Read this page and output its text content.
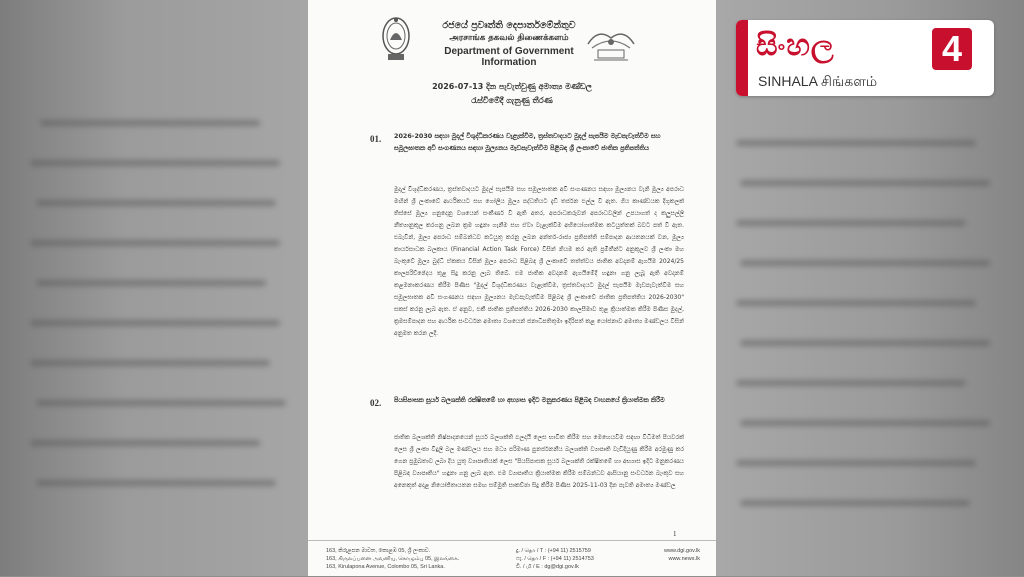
රජයේ ප්‍රවෘත්ති දෙපාර්තමේන්තුව
அரசாங்க தகவல் திணைக்களம்
Department of Government Information
2026-07-13 දින පැවැත්වුණු අමාත්‍ය මණ්ඩල
රැස්වීමේදී ගැනුණු තීරණ
01. 2026-2030 සඳහා මුදල් විශුද්ධිකරණය වැළැක්වීම, ත්‍රස්තවාදයට මුදල් සැපයීම මැඩපැවැත්වීම සහ සමූලඝාතක අවි සංගණනය සඳහා මූල්‍යනය මැඩපැවැත්වීම පිළිබඳ ශ්‍රී ලංකාවේ ජාතික ප්‍රතිපත්තිය
මුදල් විශුද්ධිකරණය, ත්‍රස්තවාදයට මුදල් සැපයීම සහ සමූලඝාතක අවි සංගණනය සඳහා මූල්‍යනය වැනි මූල්‍ය අපරාධ මඟින් ශ්‍රී ලංකාවේ ආර්ථිකයට සහ ගෝලීය මූල්‍ය පද්ධතියට දැඩි තර්ජන එල්ල වී ඇත. ගිය කාණ්ඩයක දිගුකලක් තිස්සේ මූල්‍ය ගනුදෙනු වශයෙන් සංකීර්ණ වී ඇති අතර, අපරාධකරුවන් අපරාධවලින් උපයාගත් ද කලුසල්ලි නීත්‍යානුකූල කරගනු ලබන ක්‍රම හඳුනා ගැනීම සහ ඒවා වැළැක්වීම අභියෝගාත්මක කටයුත්තක් බවට පත් වී ඇත. එබැවින්, මූල්‍ය අපරාධ සම්බන්ධව කටයුතු කරනු ලබන අන්තර්-රාජ්‍ය ප්‍රතිපත්ති සම්පාදන ආයතනයක් වන, මූල්‍ය කාර්යසාධක බලකාය (Financial Action Task Force) විසින් නියම කර ඇති ප්‍රමිතීන්ට අනුකූලව ශ්‍රී ලංකා මහ බැංකුවේ මූල්‍ය බුද්ධි ඒකකය විසින් මූල්‍ය අපරාධ පිළිබඳ ශ්‍රී ලංකාවේ තත්ත්වය ජාතික අවදානම් ඇගයීම 2024/25 කාලපරිච්ඡේදය තුළ සිදු කරනු ලැබ තිබේ. එම ජාතික අවදානම් ඇගයීමේදී හඳුනා ගනු ලැබූ ඇති අවදානම් කළමනාකරණය කිරීම පිණිස "මුදල් විශුද්ධිකරණය වැළැක්වීම, ත්‍රස්තවාදයට මුදල් සැපයීම මැඩපැවැත්වීම සහ සමූලඝාතක අවි සංගණනය සඳහා මූල්‍යනය මැඩපැවැත්වීම පිළිබඳ ශ්‍රී ලංකාවේ ජාතික ප්‍රතිපත්තිය 2026-2030" සකස් කරනු ලැබ ඇත. ඒ අනුව, එකී ජාතික ප්‍රතිපත්තිය 2026-2030 කාලසීමාව තුළ ක්‍රියාත්මක කිරීම පිණිස මුදල්, ක්‍රමසම්පාදන සහ ආර්ථික සංවර්ධන අමාත්‍ය වශයෙන් ජනාධිපතිතුමා ඉදිරිපත් කළ යෝජනාව අමාත්‍ය මණ්ඩලය විසින් අනුමත කරන ලදී.
02. පියසිපාසක සූර්ය බලශක්ති රක්ෂිතමේ හා අභ්‍යාස ඉදිට මනුකරණය පිළිබඳ වාහනයේ ක්‍රියාත්මක කිරීම
ජාතික බලශක්ති නිෂ්පාදනයෙන් සූර්ය බලශක්ති ඵලදායී ලෙස භාවිත කිරීම සහ මෙහෙයවීම සඳහා විධිමත් පියවරක් ලෙස ශ්‍රී ලංකා විදුලි බල මණ්ඩලය සහ මධ්‍ය පරිමාණ පුනර්ජනනීය බලශක්ති ව්‍යාපෘති වැඩිදියුණු කිරීම අරමුණු කර ගෙන ප්‍රමුඛතාව ලබා දිය යුතු ව්‍යාපෘතියක් ලෙස "පියසිපාසක සූර්ය බලශක්ති රක්ෂිතමේ හා අභ්‍යාස ඉදිට මනුකරණය පිළිබඳ ව්‍යාපෘතිය" හඳුනා ගනු ලැබ ඇත. එම ව්‍යාපෘතිය ක්‍රියාත්මක කිරීම සම්බන්ධව ආසියානු සංවර්ධන බැංකුව සහ අනෙකුත් අදාළ නියෝජිතායතන සමඟ සම්මුති සාකච්ඡා සිදු කිරීම පිණිස 2025-11-03 දින පැවති අමාත්‍ය මණ්ඩල
1
163, කිරුළපන මාවත, කොළඹ 05, ශ්‍රී ලංකාව.
163, கிருலப்பனை அவனியு, கொழும்பு 05, இலங்கை.
163, Kirulapona Avenue, Colombo 05, Sri Lanka.
දු. / தொ / T : (+94 11) 2515759
ෆැ. / தொ / F : (+94 11) 2514753
වි. / மி / E : dg@dgi.gov.lk
www.dgi.gov.lk
www.news.lk
සිංහල	4
SINHALA சிங்களம்
